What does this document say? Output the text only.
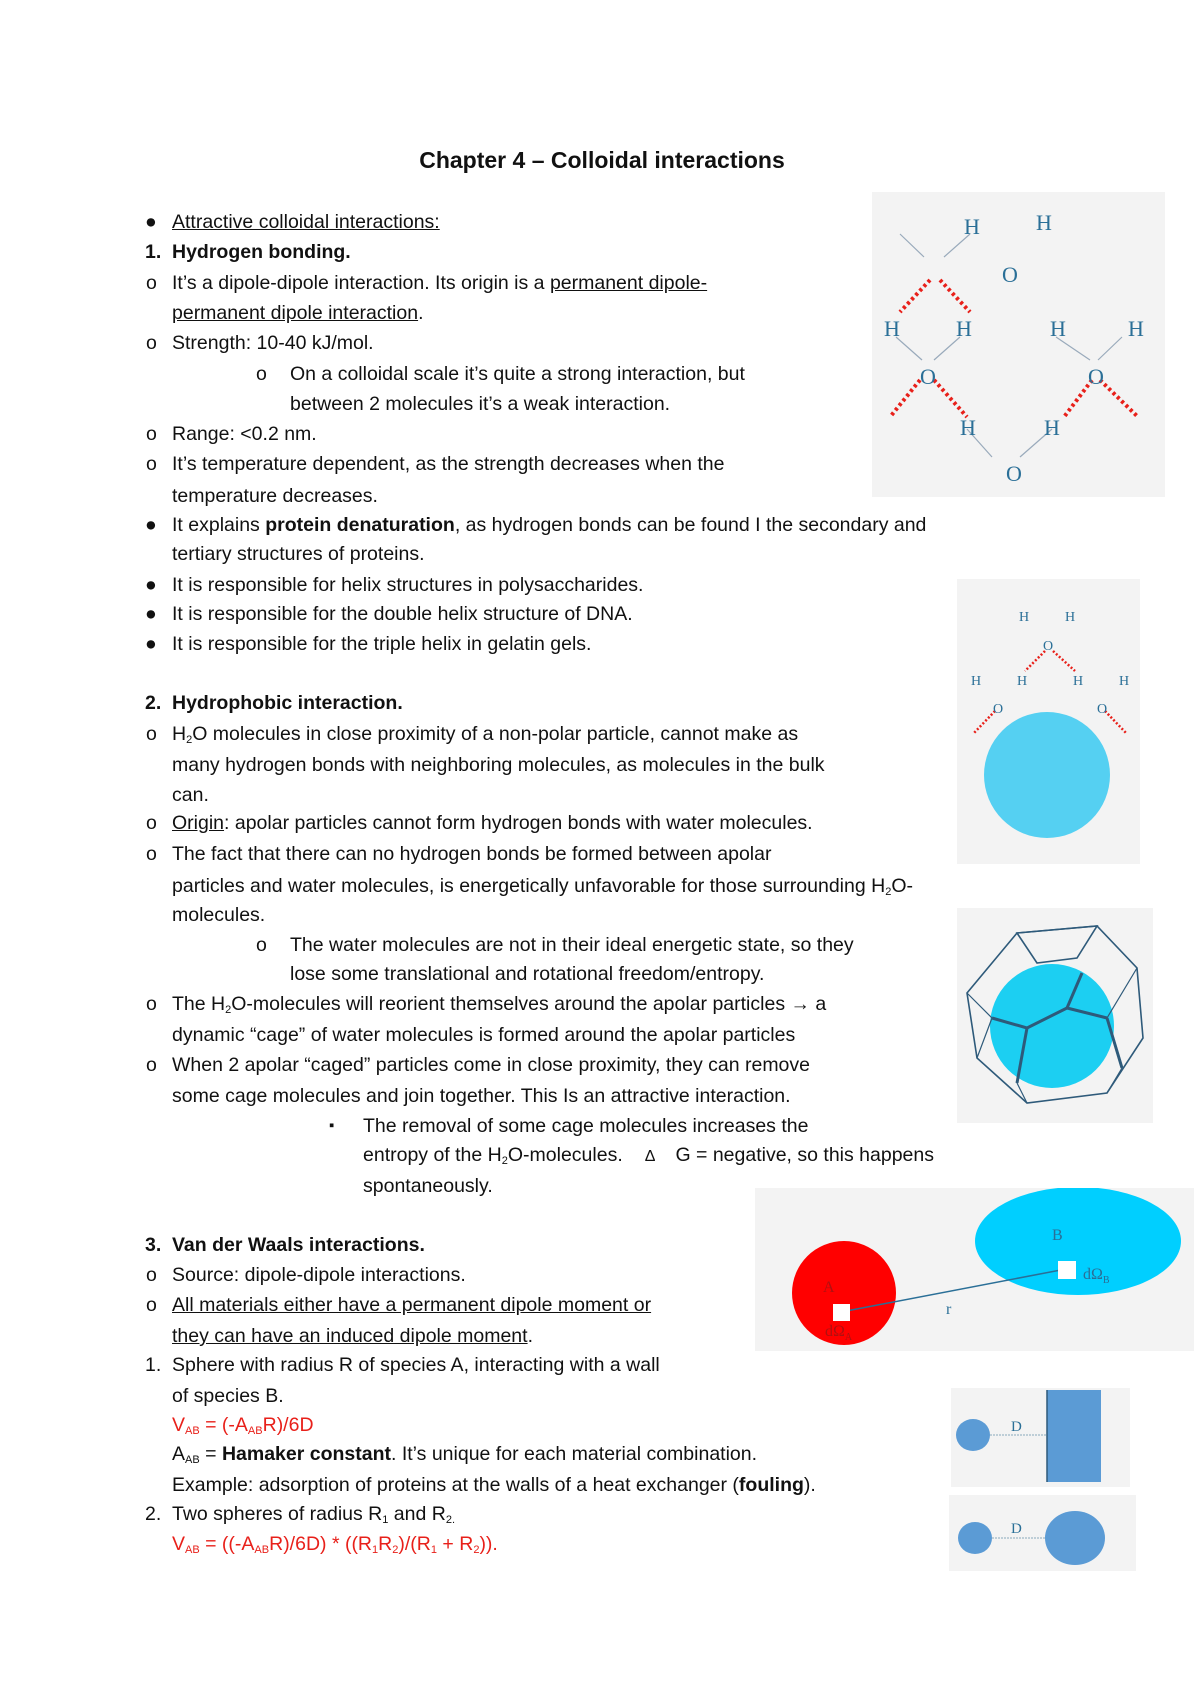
Chapter 4 – Colloidal interactions
● Attractive colloidal interactions:
1. Hydrogen bonding.
o It’s a dipole-dipole interaction. Its origin is a permanent dipole-
permanent dipole interaction.
o Strength: 10-40 kJ/mol.
o On a colloidal scale it’s quite a strong interaction, but
between 2 molecules it’s a weak interaction.
o Range: <0.2 nm.
o It’s temperature dependent, as the strength decreases when the
temperature decreases.
● It explains protein denaturation, as hydrogen bonds can be found I the secondary and
tertiary structures of proteins.
● It is responsible for helix structures in polysaccharides.
● It is responsible for the double helix structure of DNA.
● It is responsible for the triple helix in gelatin gels.
2. Hydrophobic interaction.
o $H_2O$ molecules in close proximity of a non-polar particle, cannot make as
many hydrogen bonds with neighboring molecules, as molecules in the bulk
can.
o Origin: apolar particles cannot form hydrogen bonds with water molecules.
o The fact that there can no hydrogen bonds be formed between apolar
particles and water molecules, is energetically unfavorable for those surrounding $H_2O-$
molecules.
o The water molecules are not in their ideal energetic state, so they
lose some translational and rotational freedom/entropy.
o The $H_2O$-molecules will reorient themselves around the apolar particles → a
dynamic “cage” of water molecules is formed around the apolar particles
o When 2 apolar “caged” particles come in close proximity, they can remove
some cage molecules and join together. This Is an attractive interaction.
▪ The removal of some cage molecules increases the
entropy of the $H_2O$-molecules. Δ G = negative, so this happens
spontaneously.
3. Van der Waals interactions.
o Source: dipole-dipole interactions.
o All materials either have a permanent dipole moment or
they can have an induced dipole moment.
1. Sphere with radius R of species A, interacting with a wall
of species B.
$V_{AB} = (-A_{AB}R)/6D$
$A_{AB}$ = Hamaker constant. It’s unique for each material combination.
Example: adsorption of proteins at the walls of a heat exchanger (fouling).
2. Two spheres of radius $R_1$ and $R_{2.}$
$V_{AB} = ((-A_{AB}R)/6D) * ((R_1R_2)/(R_1 + R_2))$.
H	H
O
H	H	H	H
O	O
H	H
O
H	H
O
H	H	H	H
O	O
B
A
r
$d\Omega_B$
$d\Omega_A$
D
D
